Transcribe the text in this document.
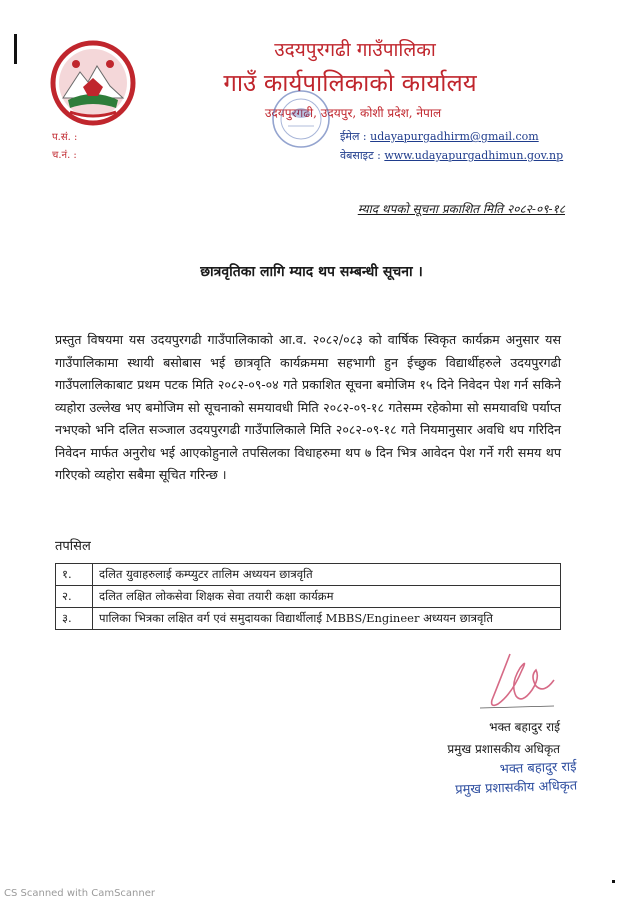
उदयपुरगढी गाउँपालिका
गाउँ कार्यपालिकाको कार्यालय
उदयपुरगढी, उदयपुर, कोशी प्रदेश, नेपाल
प.सं. :
च.नं. :
ईमेल : udayapurgadhirm@gmail.com
वेबसाइट : www.udayapurgadhimun.gov.np
म्याद थपको सूचना प्रकाशित मिति २०८२-०९-१८
छात्रवृतिका लागि म्याद थप सम्बन्धी सूचना ।
प्रस्तुत विषयमा यस उदयपुरगढी गाउँपालिकाको आ.व. २०८२/०८३ को वार्षिक स्विकृत कार्यक्रम अनुसार यस गाउँपालिकामा स्थायी बसोबास भई छात्रवृति कार्यक्रममा सहभागी हुन ईच्छुक विद्यार्थीहरुले उदयपुरगढी गाउँपलालिकाबाट प्रथम पटक मिति २०८२-०९-०४ गते प्रकाशित सूचना बमोजिम १५ दिने निवेदन पेश गर्न सकिने व्यहोरा उल्लेख भए बमोजिम सो सूचनाको समयावधी मिति २०८२-०९-१८ गतेसम्म रहेकोमा सो समयावधि पर्याप्त नभएको भनि दलित सञ्जाल उदयपुरगढी गाउँपालिकाले मिति २०८२-०९-१८ गते नियमानुसार अवधि थप गरिदिन निवेदन मार्फत अनुरोध भई आएकोहुनाले तपसिलका विधाहरुमा थप ७ दिन भित्र आवेदन पेश गर्ने गरी समय थप गरिएको व्यहोरा सबैमा सूचित गरिन्छ ।
तपसिल
१.	दलित युवाहरुलाई कम्प्युटर तालिम अध्ययन छात्रवृति
२.	दलित लक्षित लोकसेवा शिक्षक सेवा तयारी कक्षा कार्यक्रम
३.	पालिका भित्रका लक्षित वर्ग एवं समुदायका विद्यार्थीलाई MBBS/Engineer अध्ययन छात्रवृति
भक्त बहादुर राई
प्रमुख प्रशासकीय अधिकृत
भक्त बहादुर राई
प्रमुख प्रशासकीय अधिकृत
CS Scanned with CamScanner
